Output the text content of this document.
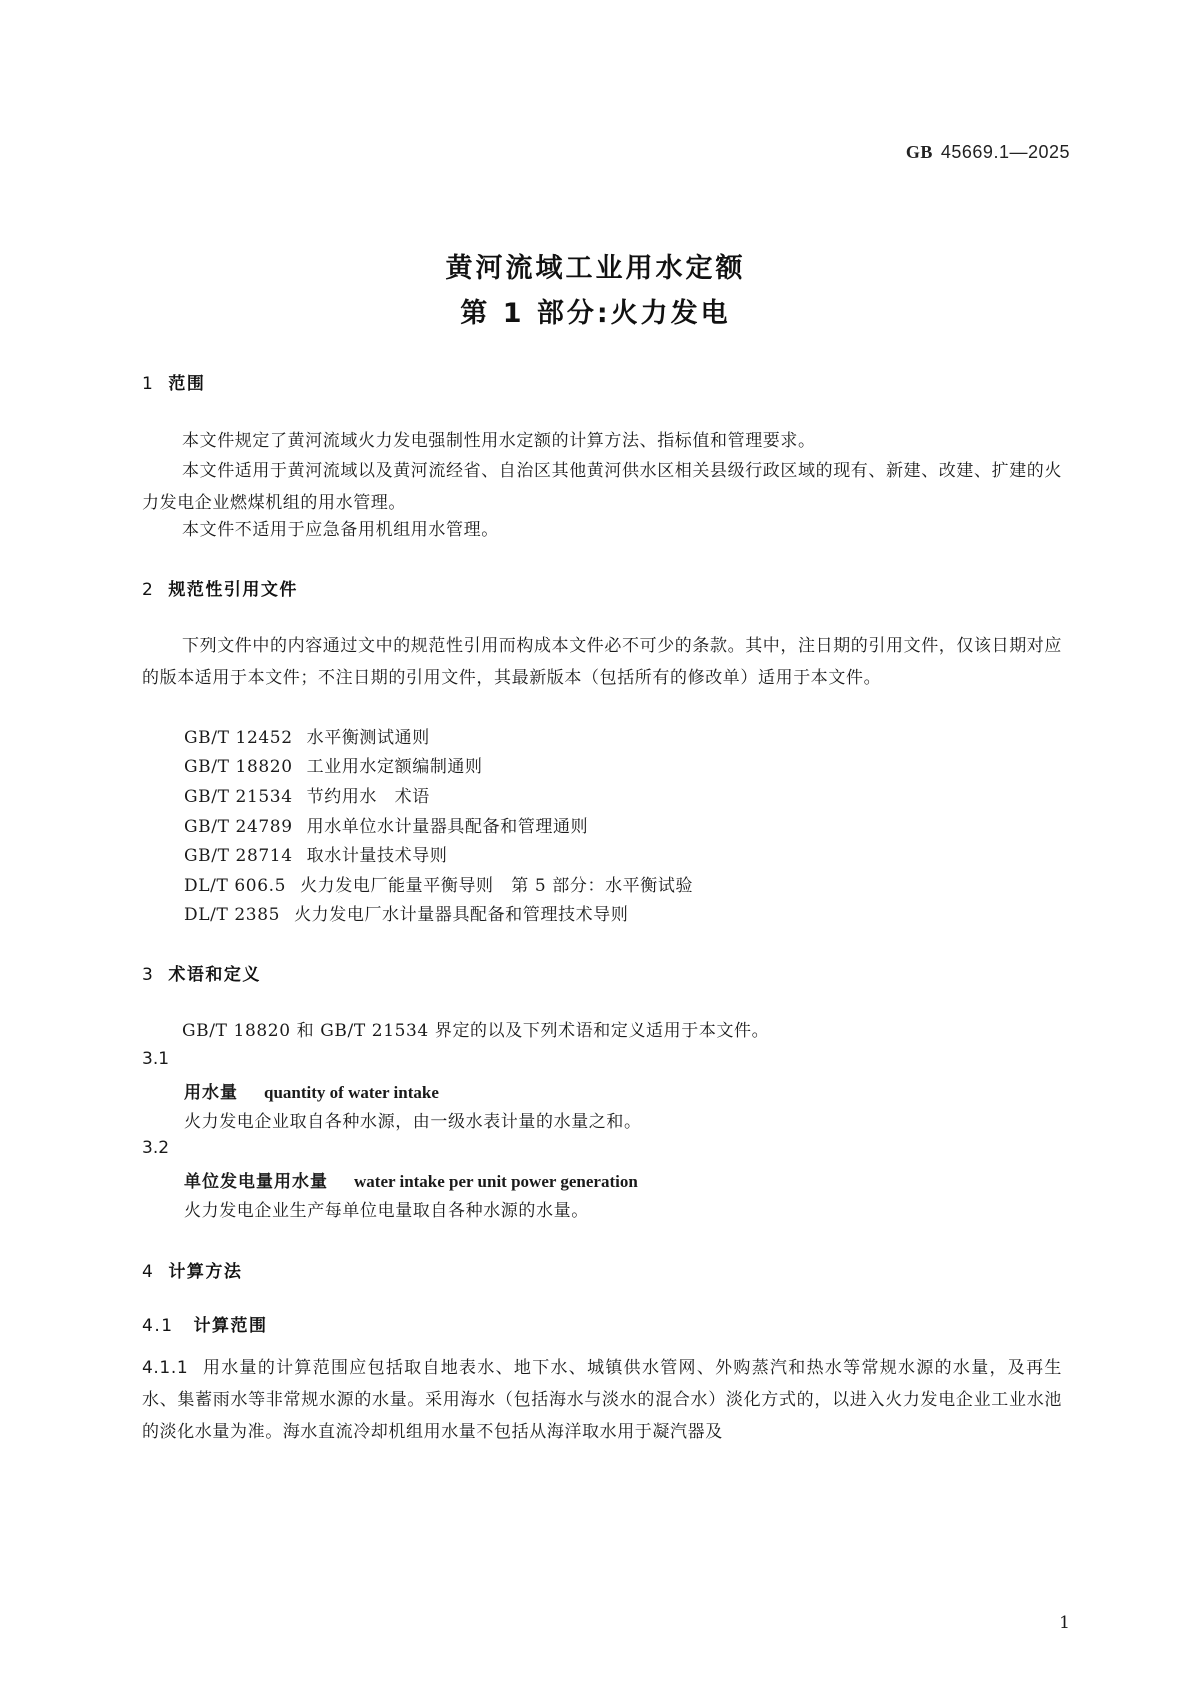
GB 45669.1—2025
黄河流域工业用水定额
第 1 部分:火力发电
1 范围

本文件规定了黄河流域火力发电强制性用水定额的计算方法、指标值和管理要求。

本文件适用于黄河流域以及黄河流经省、自治区其他黄河供水区相关县级行政区域的现有、新建、改建、扩建的火力发电企业燃煤机组的用水管理。

本文件不适用于应急备用机组用水管理。

2 规范性引用文件

下列文件中的内容通过文中的规范性引用而构成本文件必不可少的条款。其中，注日期的引用文件，仅该日期对应的版本适用于本文件；不注日期的引用文件，其最新版本（包括所有的修改单）适用于本文件。

GB/T 12452 水平衡测试通则
GB/T 18820 工业用水定额编制通则
GB/T 21534 节约用水　术语
GB/T 24789 用水单位水计量器具配备和管理通则
GB/T 28714 取水计量技术导则
DL/T 606.5 火力发电厂能量平衡导则　第 5 部分：水平衡试验
DL/T 2385 火力发电厂水计量器具配备和管理技术导则
3 术语和定义

GB/T 18820 和 GB/T 21534 界定的以及下列术语和定义适用于本文件。

3.1
用水量 quantity of water intake
火力发电企业取自各种水源，由一级水表计量的水量之和。
3.2
单位发电量用水量 water intake per unit power generation
火力发电企业生产每单位电量取自各种水源的水量。
4 计算方法
4.1 计算范围

4.1.1 用水量的计算范围应包括取自地表水、地下水、城镇供水管网、外购蒸汽和热水等常规水源的水量，及再生水、集蓄雨水等非常规水源的水量。采用海水（包括海水与淡水的混合水）淡化方式的，以进入火力发电企业工业水池的淡化水量为准。海水直流冷却机组用水量不包括从海洋取水用于凝汽器及

1
